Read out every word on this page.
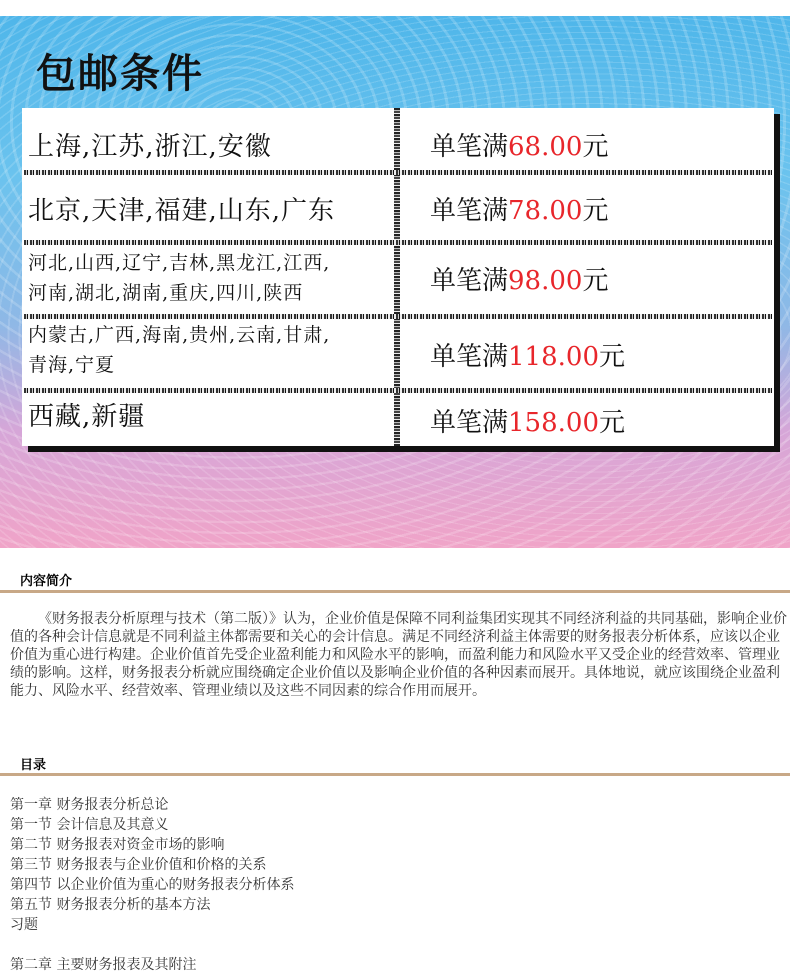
包邮条件
上海,江苏,浙江,安徽	单笔满68.00元
北京,天津,福建,山东,广东	单笔满78.00元
河北,山西,辽宁,吉林,黑龙江,江西,
河南,湖北,湖南,重庆,四川,陕西	单笔满98.00元
内蒙古,广西,海南,贵州,云南,甘肃,
青海,宁夏	单笔满118.00元
西藏,新疆	单笔满158.00元
内容简介
《财务报表分析原理与技术（第二版）》认为，企业价值是保障不同利益集团实现其不同经济利益的共同基础，影响企业价值的各种会计信息就是不同利益主体都需要和关心的会计信息。满足不同经济利益主体需要的财务报表分析体系，应该以企业价值为重心进行构建。企业价值首先受企业盈利能力和风险水平的影响，而盈利能力和风险水平又受企业的经营效率、管理业绩的影响。这样，财务报表分析就应围绕确定企业价值以及影响企业价值的各种因素而展开。具体地说，就应该围绕企业盈利能力、风险水平、经营效率、管理业绩以及这些不同因素的综合作用而展开。
目录
第一章 财务报表分析总论
第一节 会计信息及其意义
第二节 财务报表对资金市场的影响
第三节 财务报表与企业价值和价格的关系
第四节 以企业价值为重心的财务报表分析体系
第五节 财务报表分析的基本方法
习题
第二章 主要财务报表及其附注
